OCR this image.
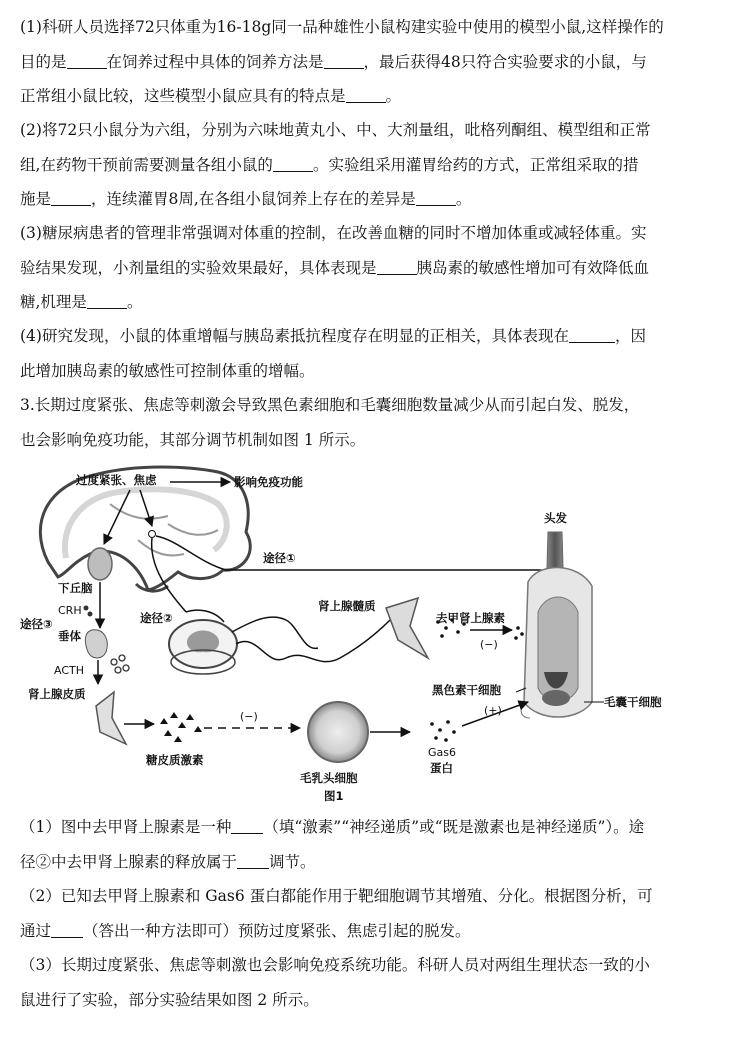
(1)科研人员选择72只体重为16-18g同一品种雄性小鼠构建实验中使用的模型小鼠,这样操作的
目的是	在饲养过程中具体的饲养方法是	，最后获得48只符合实验要求的小鼠，与
正常组小鼠比较，这些模型小鼠应具有的特点是	。
(2)将72只小鼠分为六组，分别为六味地黄丸小、中、大剂量组，吡格列酮组、模型组和正常
组,在药物干预前需要测量各组小鼠的	。实验组采用灌胃给药的方式，正常组采取的措
施是	，连续灌胃8周,在各组小鼠饲养上存在的差异是	。
(3)糖尿病患者的管理非常强调对体重的控制，在改善血糖的同时不增加体重或减轻体重。实
验结果发现，小剂量组的实验效果最好，具体表现是	胰岛素的敏感性增加可有效降低血
糖,机理是	。
(4)研究发现，小鼠的体重增幅与胰岛素抵抗程度存在明显的正相关，具体表现在	，因
此增加胰岛素的敏感性可控制体重的增幅。
3.长期过度紧张、焦虑等刺激会导致黑色素细胞和毛囊细胞数量减少从而引起白发、脱发，
也会影响免疫功能，其部分调节机制如图 1 所示。
过度紧张、焦虑	影响免疫功能
途径①
途径②
肾上腺髓质
去甲肾上腺素
(−)
头发
黑色素干细胞
毛囊干细胞
下丘脑
CRH
途径③
垂体
ACTH
肾上腺皮质
糖皮质激素
(−)
毛乳头细胞
Gas6
蛋白
(+)
图1
（1）图中去甲肾上腺素是一种 （填“激素”“神经递质”或“既是激素也是神经递质”）。途
径②中去甲肾上腺素的释放属于 调节。
（2）已知去甲肾上腺素和 Gas6 蛋白都能作用于靶细胞调节其增殖、分化。根据图分析，可
通过 （答出一种方法即可）预防过度紧张、焦虑引起的脱发。
（3）长期过度紧张、焦虑等刺激也会影响免疫系统功能。科研人员对两组生理状态一致的小
鼠进行了实验，部分实验结果如图 2 所示。
